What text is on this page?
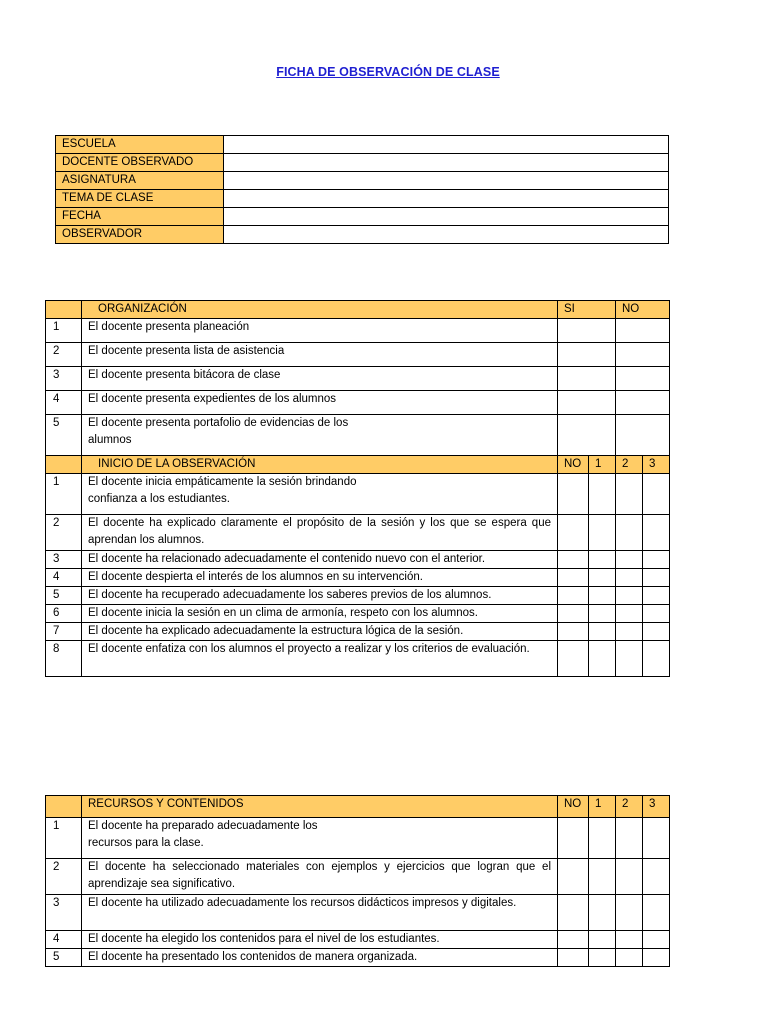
FICHA DE OBSERVACIÓN DE CLASE
ESCUELA	
DOCENTE OBSERVADO	
ASIGNATURA	
TEMA DE CLASE	
FECHA	
OBSERVADOR	
	ORGANIZACIÓN	SI		NO	
1	El docente presenta planeación				
2	El docente presenta lista de asistencia				
3	El docente presenta bitácora de clase				
4	El docente presenta expedientes de los alumnos				
5	El docente presenta portafolio de evidencias de los
alumnos				
	INICIO DE LA OBSERVACIÓN	NO	1	2	3
1	El docente inicia empáticamente la sesión brindando
confianza a los estudiantes.				
2	El docente ha explicado claramente el propósito de la sesión y los que se espera que aprendan los alumnos.				
3	El docente ha relacionado adecuadamente el contenido nuevo con el anterior.				
4	El docente despierta el interés de los alumnos en su intervención.				
5	El docente ha recuperado adecuadamente los saberes previos de los alumnos.				
6	El docente inicia la sesión en un clima de armonía, respeto con los alumnos.				
7	El docente ha explicado adecuadamente la estructura lógica de la sesión.				
8	El docente enfatiza con los alumnos el proyecto a realizar y los criterios de evaluación.				
	RECURSOS Y CONTENIDOS	NO	1	2	3
1	El docente ha preparado adecuadamente los
recursos para la clase.				
2	El docente ha seleccionado materiales con ejemplos y ejercicios que logran que el aprendizaje sea significativo.				
3	El docente ha utilizado adecuadamente los recursos didácticos impresos y digitales.				
4	El docente ha elegido los contenidos para el nivel de los estudiantes.				
5	El docente ha presentado los contenidos de manera organizada.				
